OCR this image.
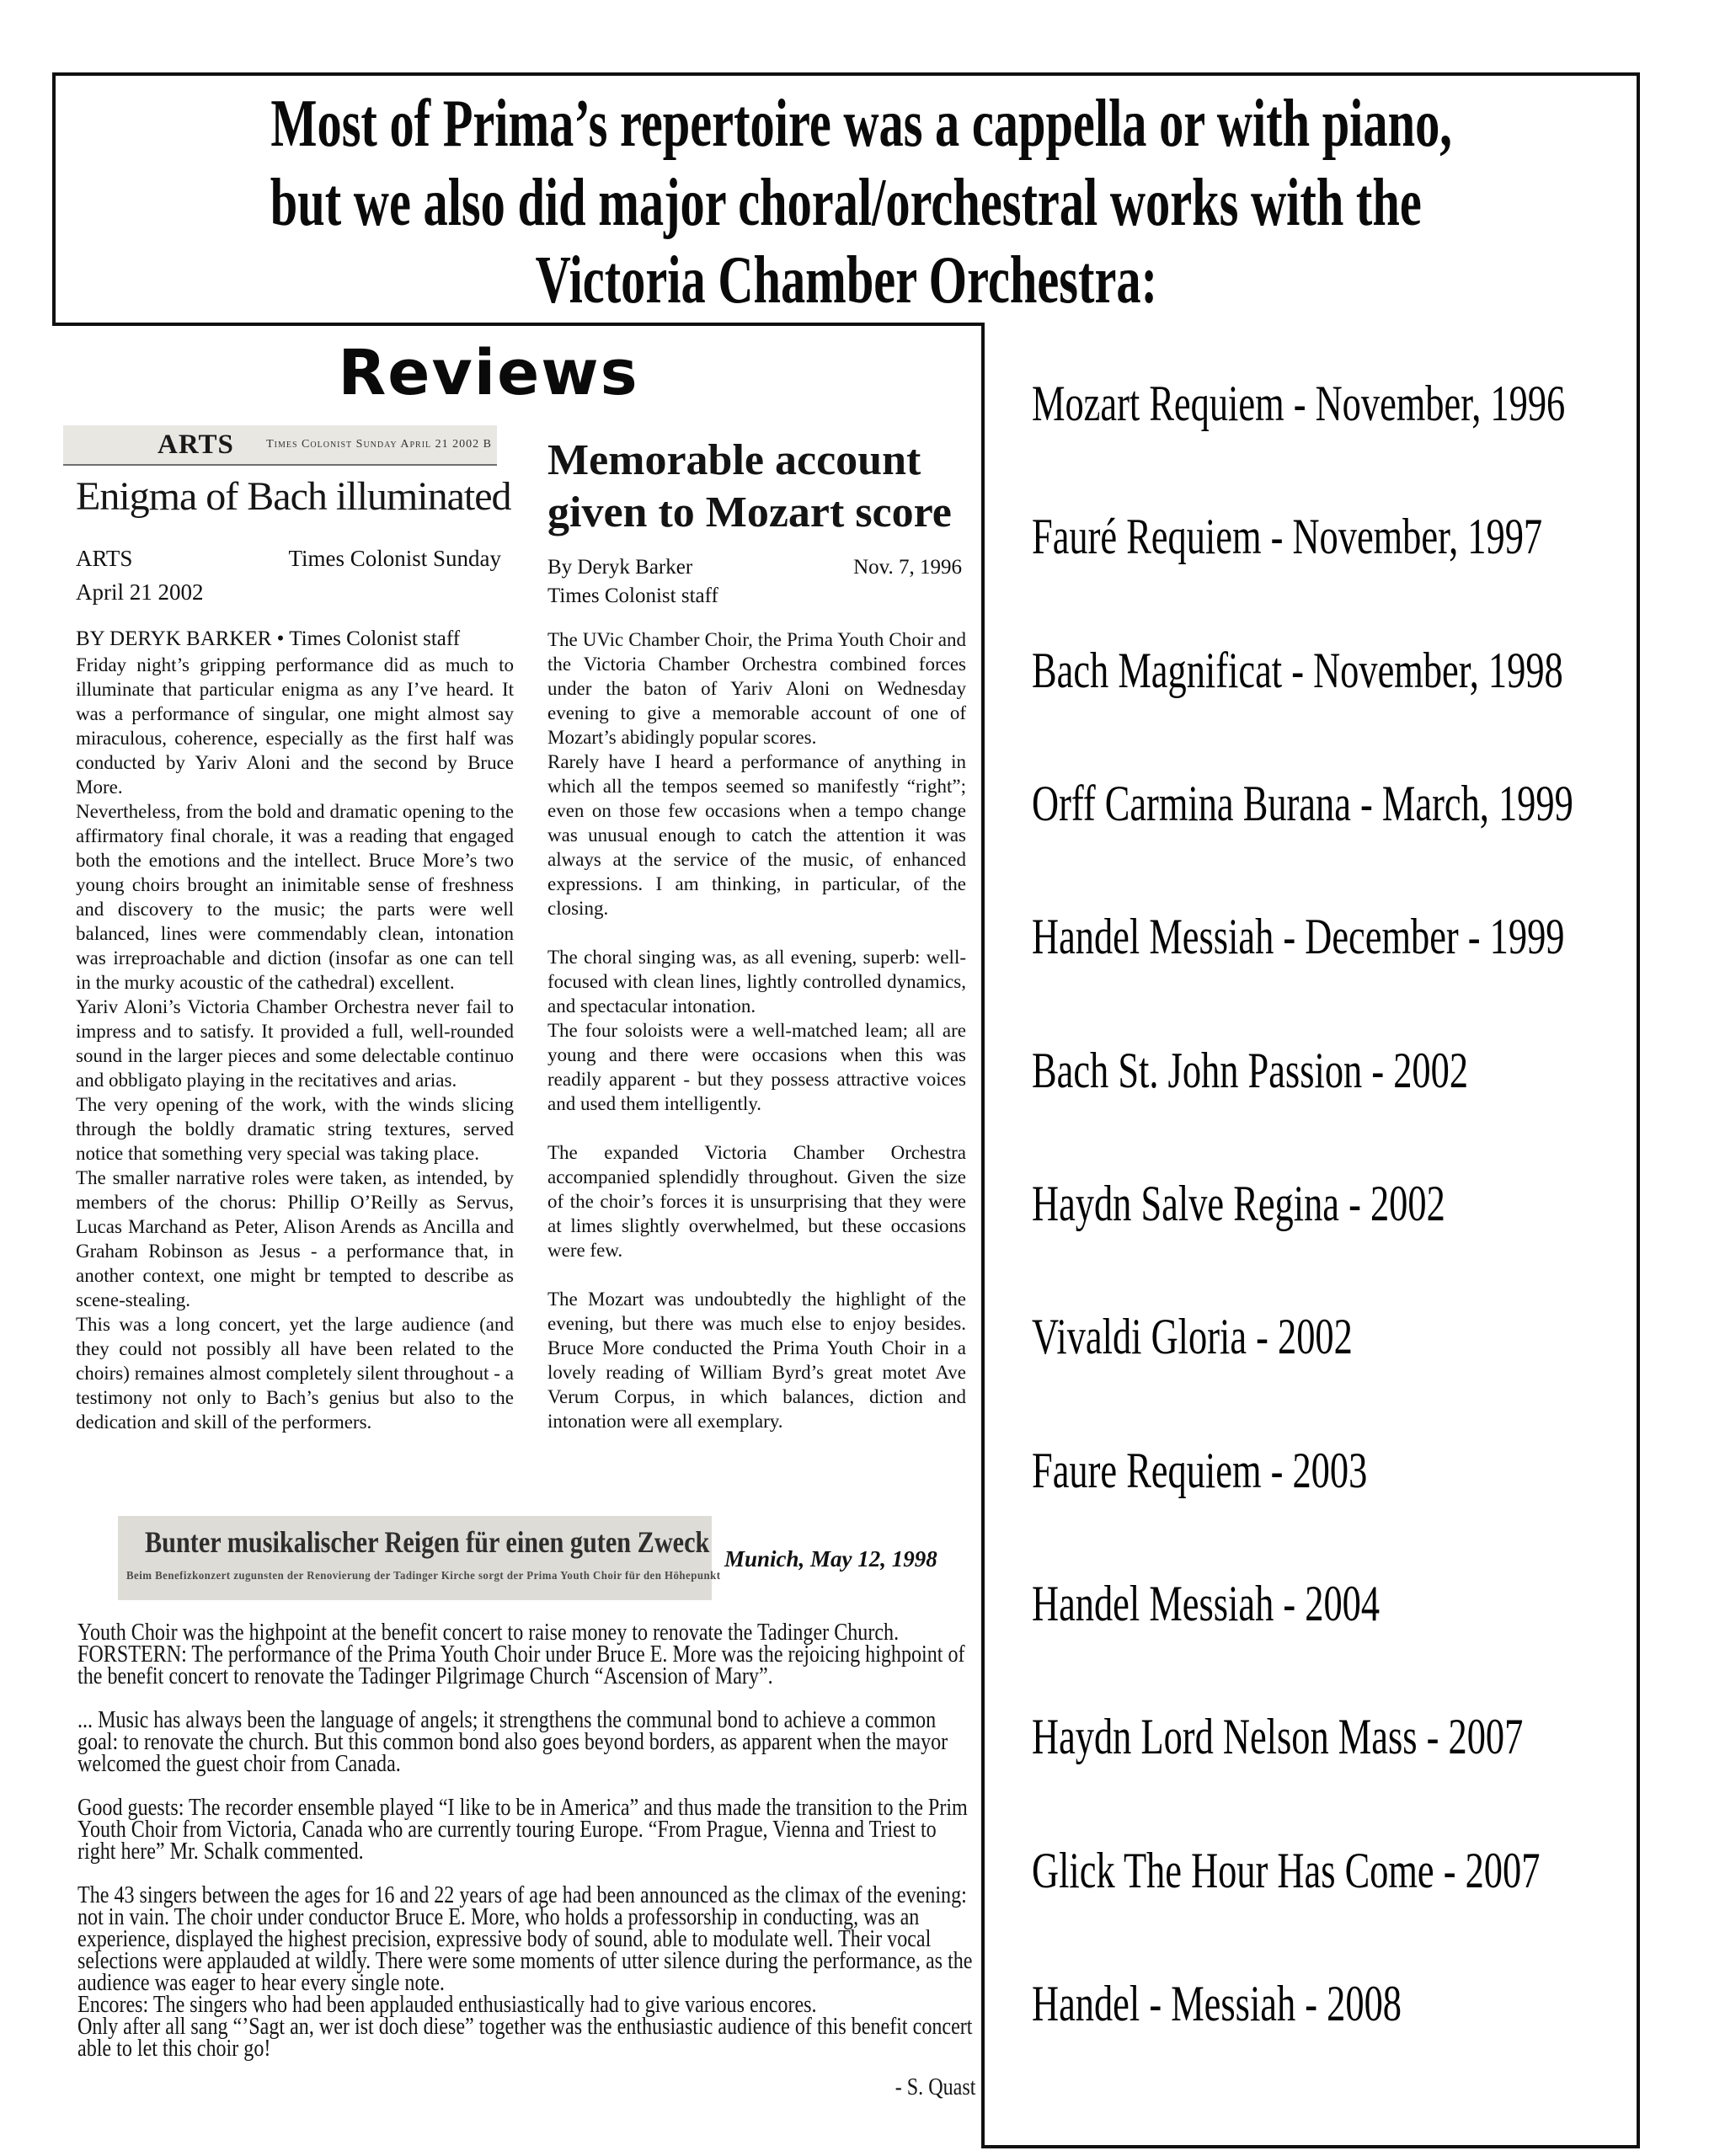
Most of Prima’s repertoire was a cappella or with piano,
but we also did major choral/orchestral works with the
Victoria Chamber Orchestra:
Reviews
ARTS	Times Colonist Sunday April 21 2002 B
Enigma of Bach illuminated
ARTS	Times Colonist Sunday
April 21 2002
BY DERYK BARKER • Times Colonist staff

Friday night’s gripping performance did as much to illuminate that particular enigma as any I’ve heard. It was a performance of singular, one might almost say miraculous, coherence, especially as the first half was conducted by Yariv Aloni and the second by Bruce More.

Nevertheless, from the bold and dramatic opening to the affirmatory final chorale, it was a reading that engaged both the emotions and the intellect. Bruce More’s two young choirs brought an inimitable sense of freshness and discovery to the music; the parts were well balanced, lines were commendably clean, intonation was irreproachable and diction (insofar as one can tell in the murky acoustic of the cathedral) excellent.

Yariv Aloni’s Victoria Chamber Orchestra never fail to impress and to satisfy. It provided a full, well-rounded sound in the larger pieces and some delectable continuo and obbligato playing in the recitatives and arias.

The very opening of the work, with the winds slicing through the boldly dramatic string textures, served notice that something very special was taking place.

The smaller narrative roles were taken, as intended, by members of the chorus: Phillip O’Reilly as Servus, Lucas Marchand as Peter, Alison Arends as Ancilla and Graham Robinson as Jesus - a performance that, in another context, one might br tempted to describe as scene-stealing.

This was a long concert, yet the large audience (and they could not possibly all have been related to the choirs) remaines almost completely silent throughout - a testimony not only to Bach’s genius but also to the dedication and skill of the performers.

Memorable account
given to Mozart score
By Deryk Barker	Nov. 7, 1996
Times Colonist staff

The UVic Chamber Choir, the Prima Youth Choir and the Victoria Chamber Orchestra combined forces under the baton of Yariv Aloni on Wednesday evening to give a memorable account of one of Mozart’s abidingly popular scores.

Rarely have I heard a performance of anything in which all the tempos seemed so manifestly “right”; even on those few occasions when a tempo change was unusual enough to catch the attention it was always at the service of the music, of enhanced expressions. I am thinking, in particular, of the closing.

The choral singing was, as all evening, superb: well-focused with clean lines, lightly controlled dynamics, and spectacular intonation.

The four soloists were a well-matched leam; all are young and there were occasions when this was readily apparent - but they possess attractive voices and used them intelligently.

The expanded Victoria Chamber Orchestra accompanied splendidly throughout. Given the size of the choir’s forces it is unsurprising that they were at limes slightly overwhelmed, but these occasions were few.

The Mozart was undoubtedly the highlight of the evening, but there was much else to enjoy besides. Bruce More conducted the Prima Youth Choir in a lovely reading of William Byrd’s great motet Ave Verum Corpus, in which balances, diction and intonation were all exemplary.

Bunter musikalischer Reigen für einen guten Zweck
Beim Benefizkonzert zugunsten der Renovierung der Tadinger Kirche sorgt der Prima Youth Choir für den Höhepunkt
Munich, May 12, 1998

Youth Choir was the highpoint at the benefit concert to raise money to renovate the Tadinger Church.

FORSTERN: The performance of the Prima Youth Choir under Bruce E. More was the rejoicing highpoint of the benefit concert to renovate the Tadinger Pilgrimage Church “Ascension of Mary”.

... Music has always been the language of angels; it strengthens the communal bond to achieve a common goal: to renovate the church. But this common bond also goes beyond borders, as apparent when the mayor welcomed the guest choir from Canada.

Good guests: The recorder ensemble played “I like to be in America” and thus made the transition to the Prim Youth Choir from Victoria, Canada who are currently touring Europe. “From Prague, Vienna and Triest to right here” Mr. Schalk commented.

The 43 singers between the ages for 16 and 22 years of age had been announced as the climax of the evening: not in vain. The choir under conductor Bruce E. More, who holds a professorship in conducting, was an experience, displayed the highest precision, expressive body of sound, able to modulate well. Their vocal selections were applauded at wildly. There were some moments of utter silence during the performance, as the audience was eager to hear every single note.

Encores: The singers who had been applauded enthusiastically had to give various encores.

Only after all sang “’Sagt an, wer ist doch diese” together was the enthusiastic audience of this benefit concert able to let this choir go!

- S. Quast

Mozart Requiem - November, 1996
Fauré Requiem - November, 1997
Bach Magnificat - November, 1998
Orff Carmina Burana - March, 1999
Handel Messiah - December - 1999
Bach St. John Passion - 2002
Haydn Salve Regina - 2002
Vivaldi Gloria - 2002
Faure Requiem - 2003
Handel Messiah - 2004
Haydn Lord Nelson Mass - 2007
Glick The Hour Has Come - 2007
Handel - Messiah - 2008
